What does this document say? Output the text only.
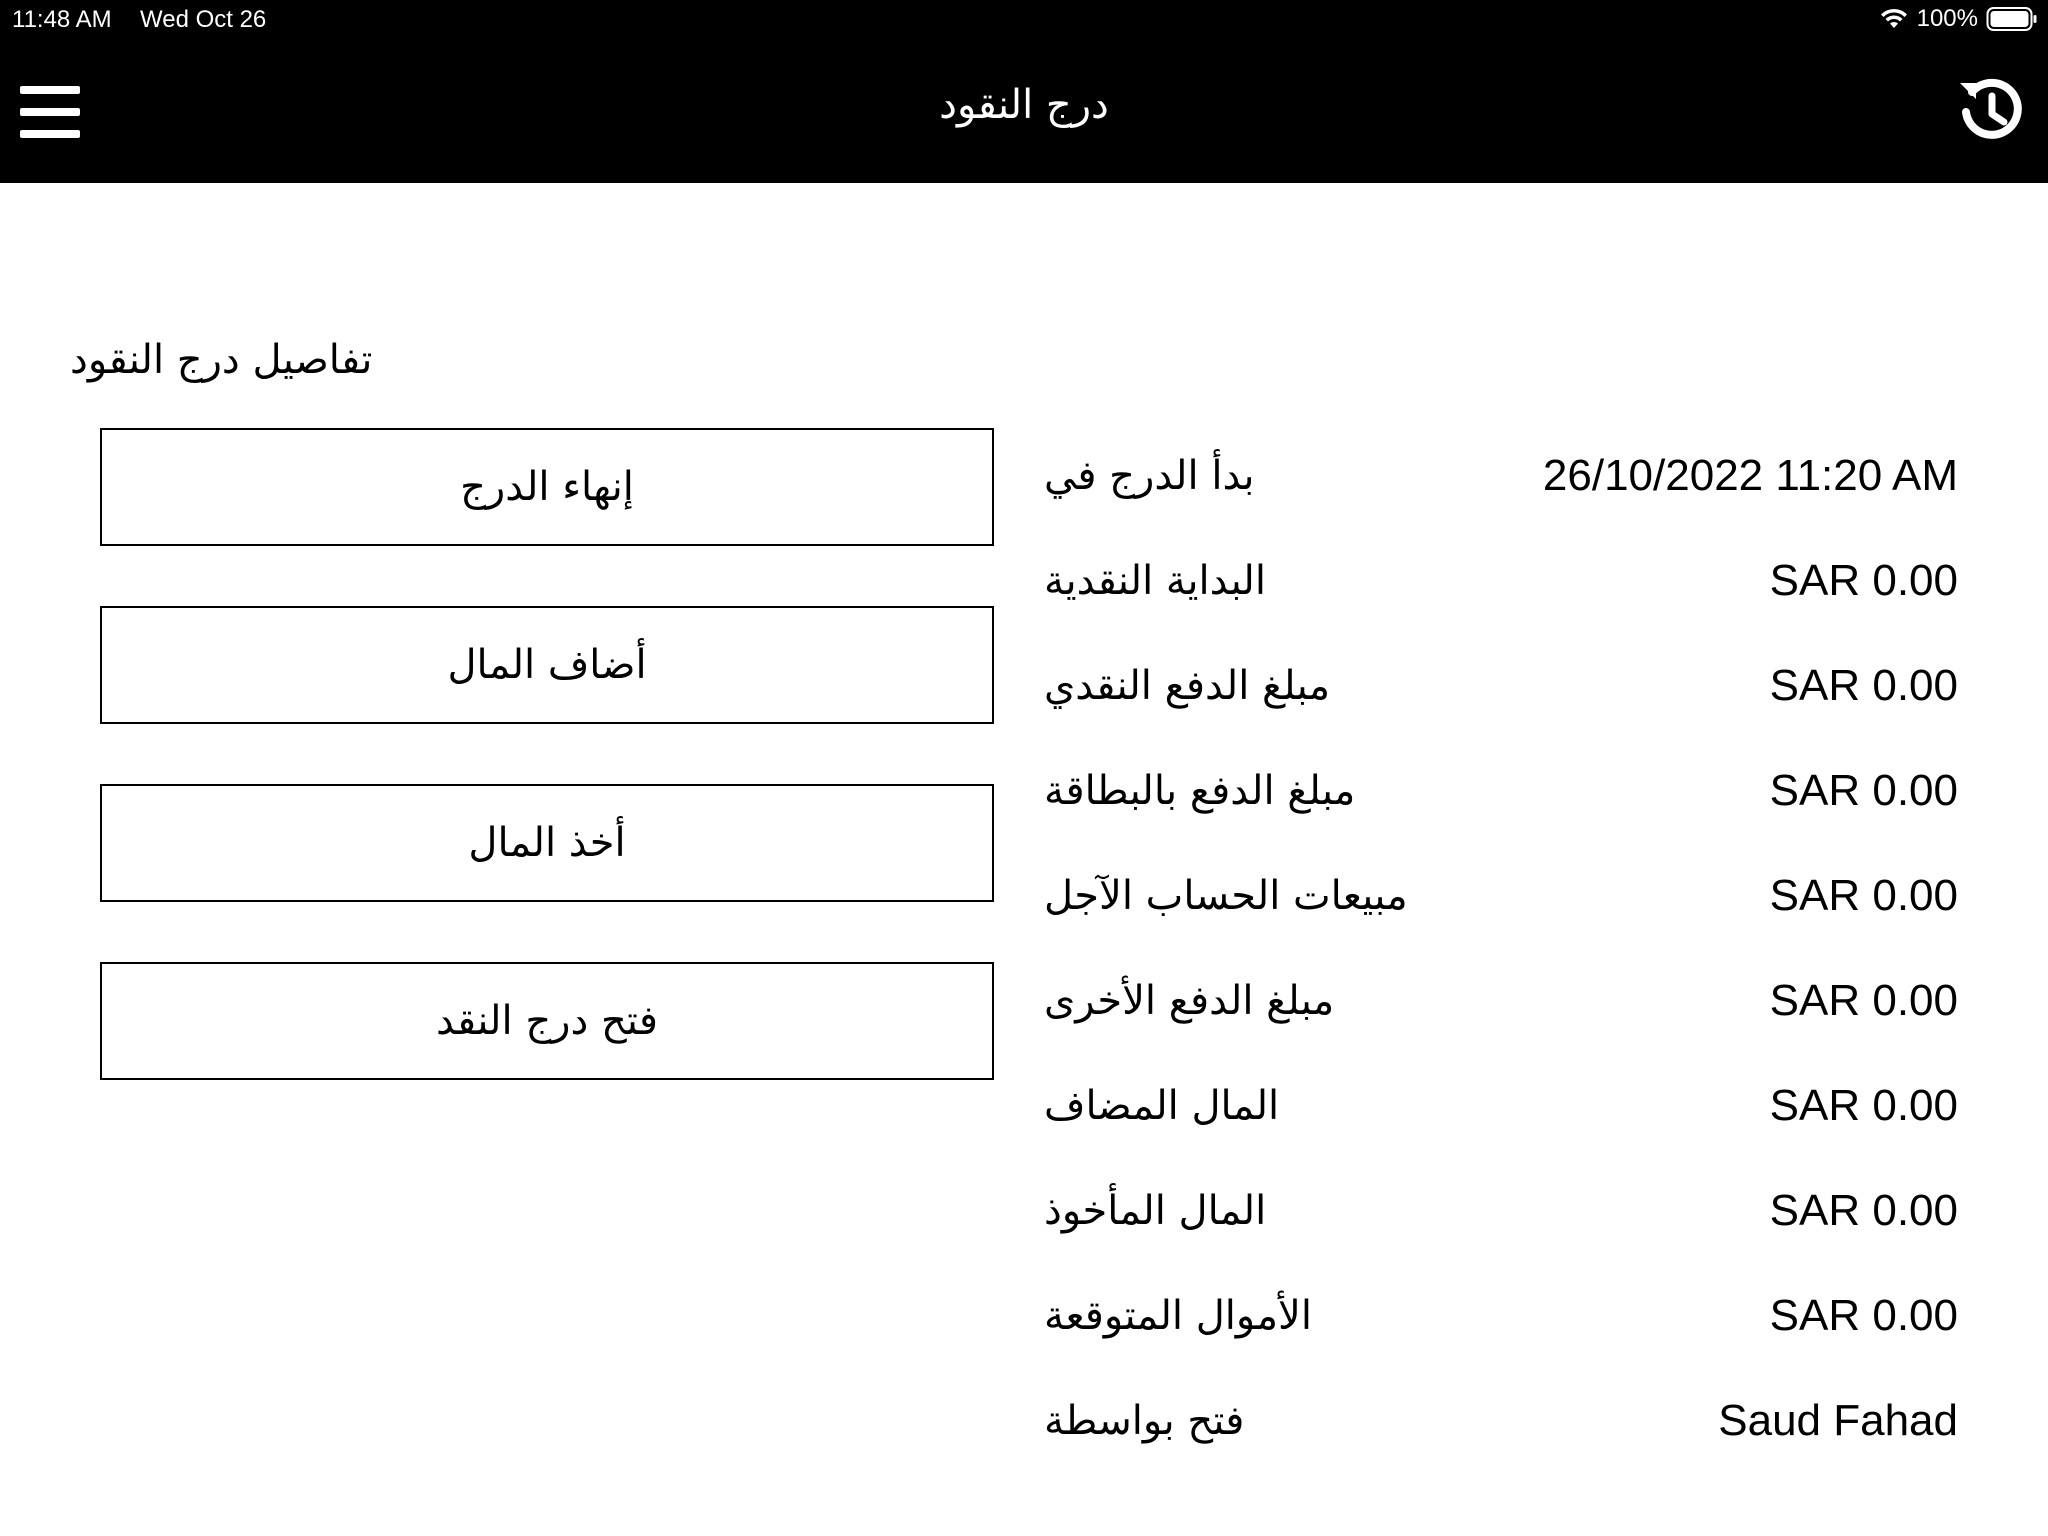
11:48 AM Wed Oct 26	100%
درج النقود
تفاصيل درج النقود
إنهاء الدرج
أضاف المال
أخذ المال
فتح درج النقد
بدأ الدرج في	26/10/2022 11:20 AM
البداية النقدية	SAR 0.00
مبلغ الدفع النقدي	SAR 0.00
مبلغ الدفع بالبطاقة	SAR 0.00
مبيعات الحساب الآجل	SAR 0.00
مبلغ الدفع الأخرى	SAR 0.00
المال المضاف	SAR 0.00
المال المأخوذ	SAR 0.00
الأموال المتوقعة	SAR 0.00
فتح بواسطة	Saud Fahad
